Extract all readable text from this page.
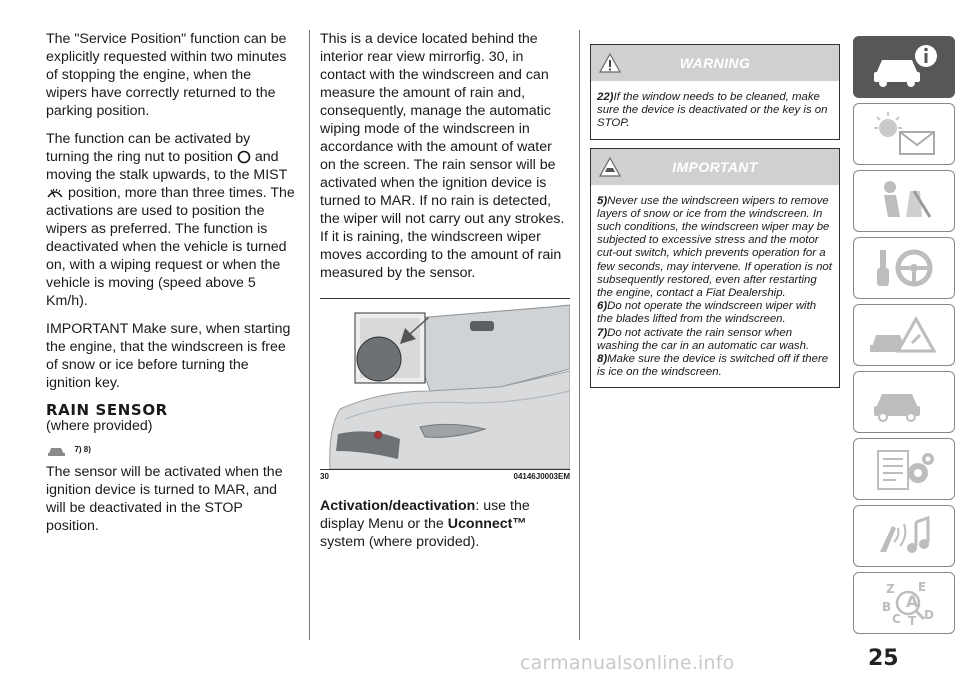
The "Service Position" function can be explicitly requested within two minutes of stopping the engine, when the wipers have correctly returned to the parking position.

The function can be activated by turning the ring nut to position and moving the stalk upwards, to the MIST  position, more than three times. The activations are used to position the wipers as preferred. The function is deactivated when the vehicle is turned on, with a wiping request or when the vehicle is moving (speed above 5 Km/h).

IMPORTANT Make sure, when starting the engine, that the windscreen is free of snow or ice before turning the ignition key.

RAIN SENSOR
(where provided)
7) 8)

The sensor will be activated when the ignition device is turned to MAR, and will be deactivated in the STOP position.

This is a device located behind the interior rear view mirrorfig. 30, in contact with the windscreen and can measure the amount of rain and, consequently, manage the automatic wiping mode of the windscreen in accordance with the amount of water on the screen. The rain sensor will be activated when the ignition device is turned to MAR. If no rain is detected, the wiper will not carry out any strokes. If it is raining, the windscreen wiper moves according to the amount of rain measured by the sensor.

30	04146J0003EM

Activation/deactivation: use the display Menu or the Uconnect™ system (where provided).

WARNING
22)If the window needs to be cleaned, make sure the device is deactivated or the key is on STOP.
IMPORTANT
5)Never use the windscreen wipers to remove layers of snow or ice from the windscreen. In such conditions, the windscreen wiper may be subjected to excessive stress and the motor cut-out switch, which prevents operation for a few seconds, may intervene. If operation is not subsequently restored, even after restarting the engine, contact a Fiat Dealership.
6)Do not operate the windscreen wiper with the blades lifted from the windscreen.
7)Do not activate the rain sensor when washing the car in an automatic car wash.
8)Make sure the device is switched off if there is ice on the windscreen.
Z E
A
B
C D
T
25
carmanualsonline.info
